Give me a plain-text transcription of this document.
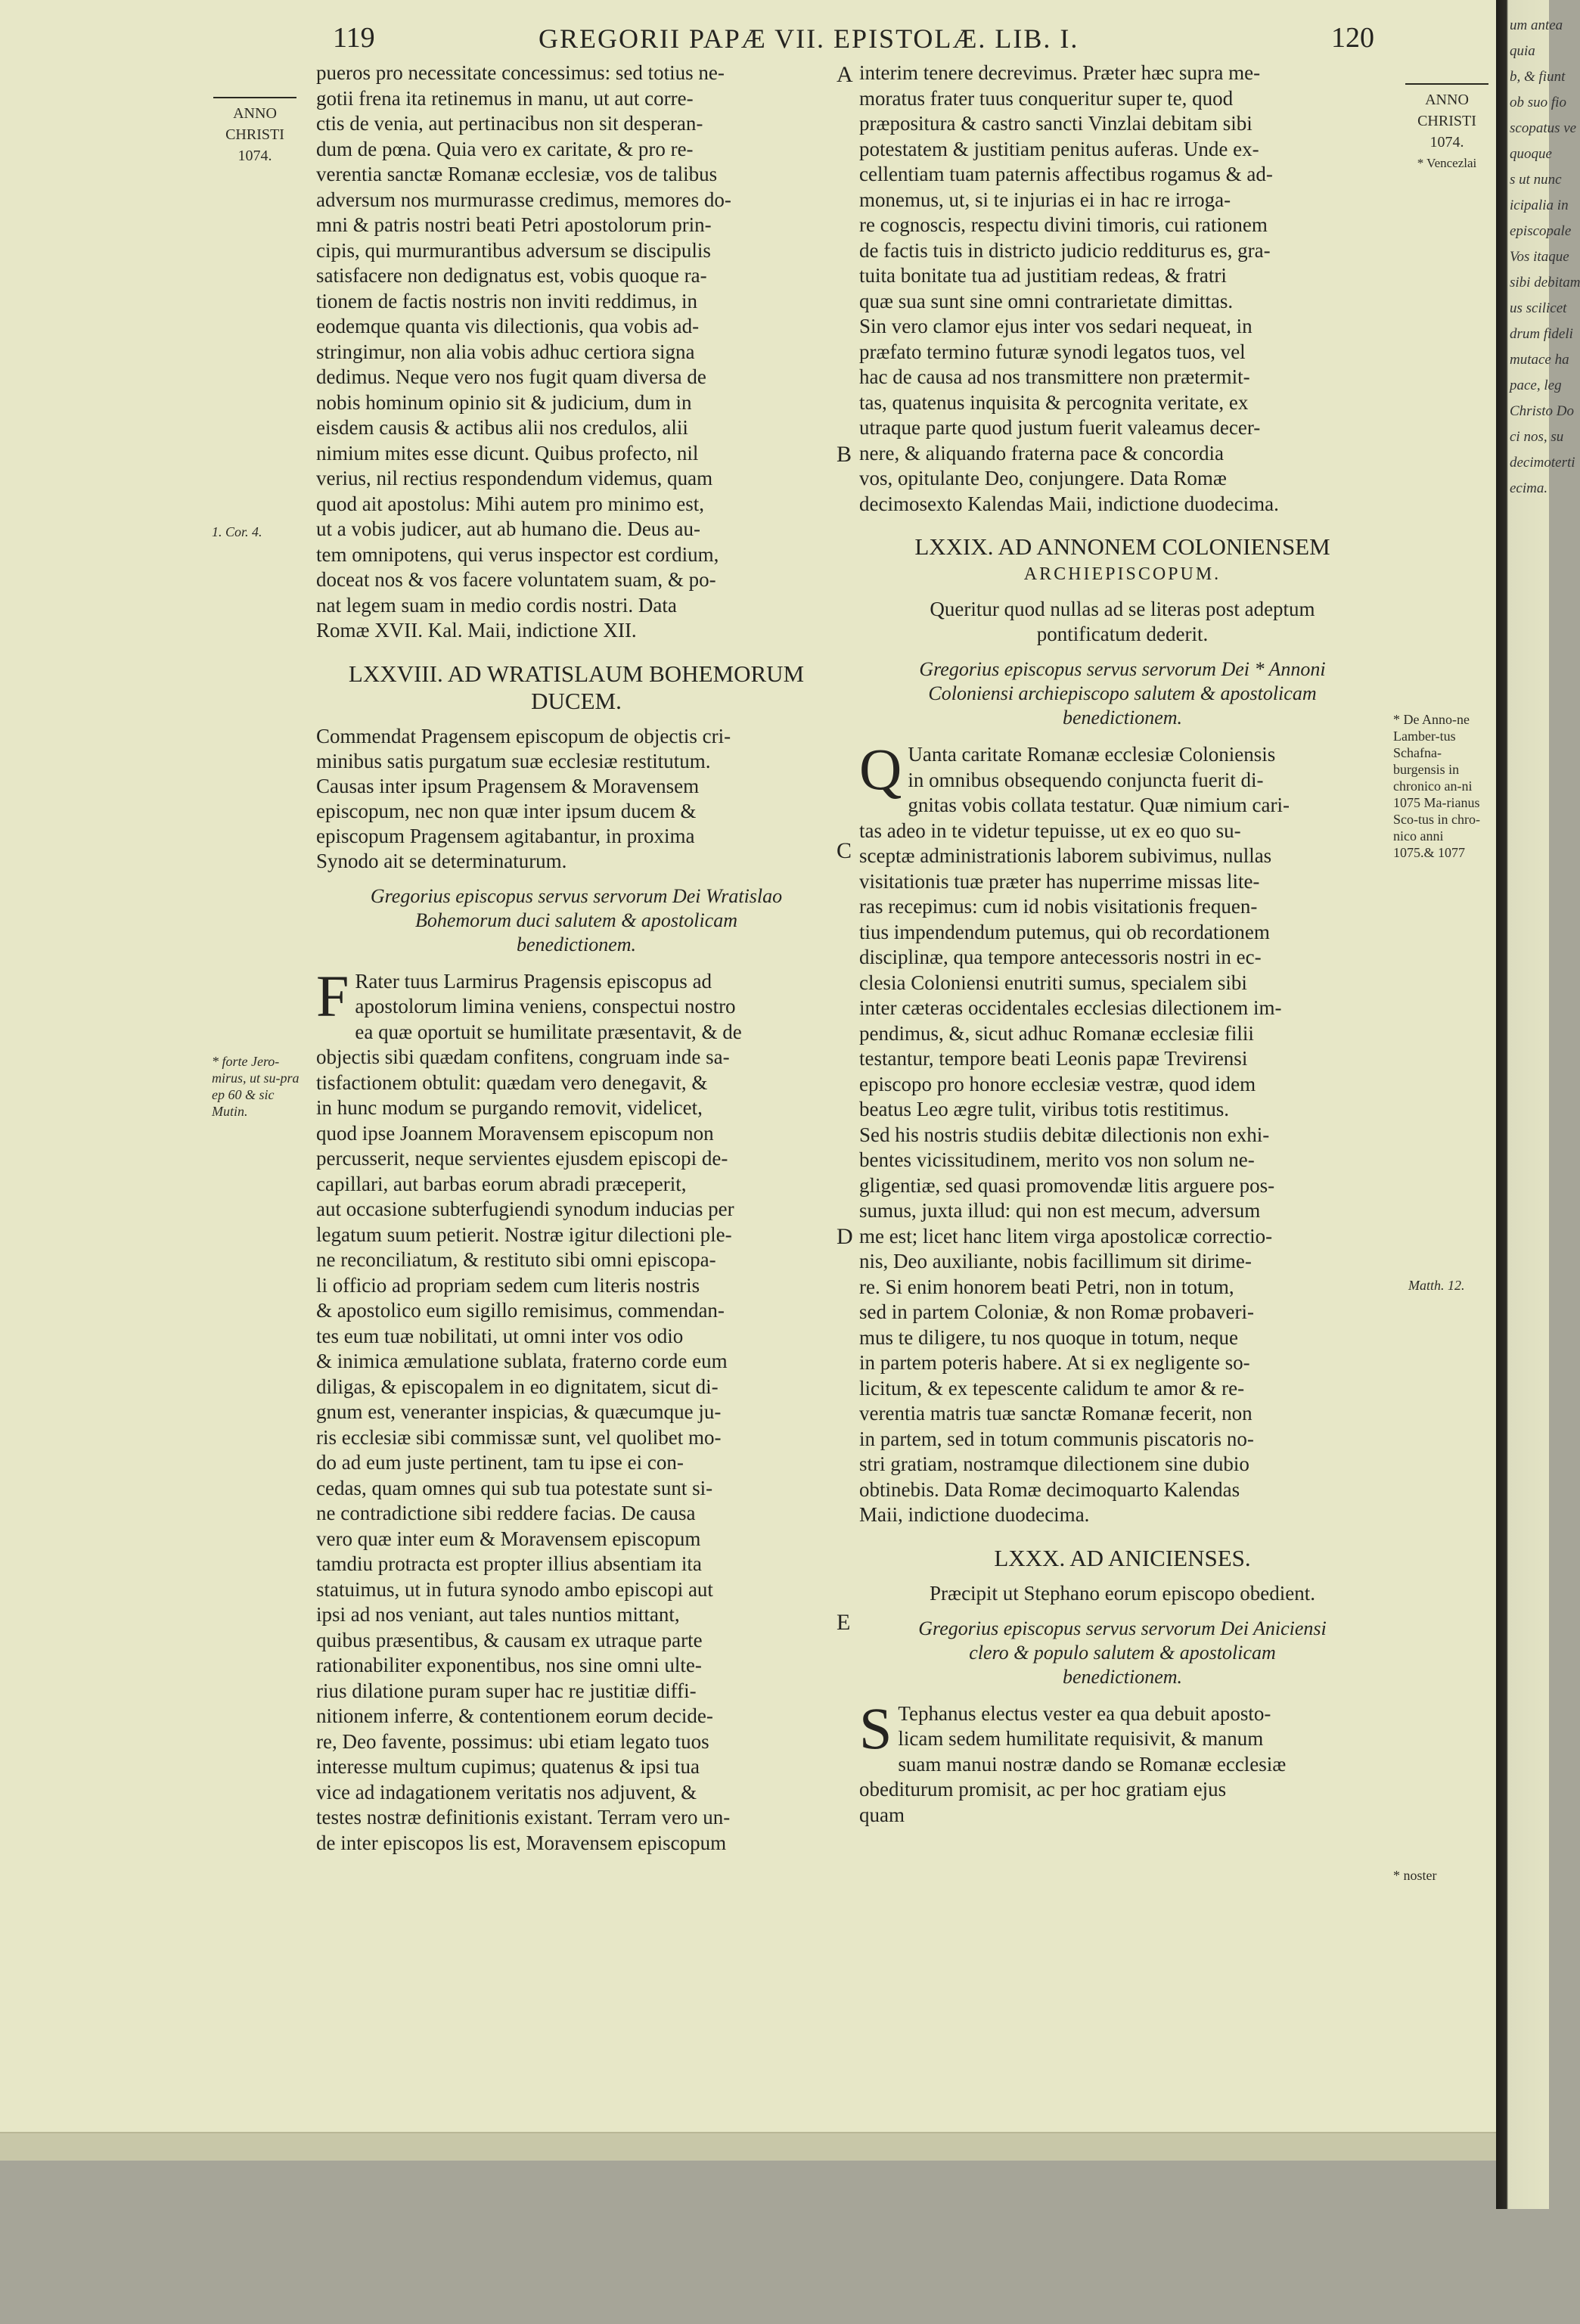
119	GREGORII PAPÆ VII. EPISTOLÆ. LIB. I.	120
ANNO
CHRISTI
1074.
1. Cor. 4.
* forte Jero-mirus, ut su-pra ep 60 & sic Mutin.
ANNO
CHRISTI
1074.
* Vencezlai
* De Anno-ne Lamber-tus Schafna-burgensis in chronico an-ni 1075 Ma-rianus Sco-tus in chro-nico anni 1075.& 1077
Matth. 12.
* noster
A
B
C
D
E
pueros pro necessitate concessimus: sed totius ne-
gotii frena ita retinemus in manu, ut aut corre-
ctis de venia, aut pertinacibus non sit desperan-
dum de pœna. Quia vero ex caritate, & pro re-
verentia sanctæ Romanæ ecclesiæ, vos de talibus
adversum nos murmurasse credimus, memores do-
mni & patris nostri beati Petri apostolorum prin-
cipis, qui murmurantibus adversum se discipulis
satisfacere non dedignatus est, vobis quoque ra-
tionem de factis nostris non inviti reddimus, in
eodemque quanta vis dilectionis, qua vobis ad-
stringimur, non alia vobis adhuc certiora signa
dedimus. Neque vero nos fugit quam diversa de
nobis hominum opinio sit & judicium, dum in
eisdem causis & actibus alii nos credulos, alii
nimium mites esse dicunt. Quibus profecto, nil
verius, nil rectius respondendum videmus, quam
quod ait apostolus: Mihi autem pro minimo est,
ut a vobis judicer, aut ab humano die. Deus au-
tem omnipotens, qui verus inspector est cordium,
doceat nos & vos facere voluntatem suam, & po-
nat legem suam in medio cordis nostri. Data
Romæ XVII. Kal. Maii, indictione XII.
LXXVIII. AD WRATISLAUM BOHEMORUM DUCEM.
Commendat Pragensem episcopum de objectis cri-
minibus satis purgatum suæ ecclesiæ restitutum.
Causas inter ipsum Pragensem & Moravensem
episcopum, nec non quæ inter ipsum ducem &
episcopum Pragensem agitabantur, in proxima
Synodo ait se determinaturum.
Gregorius episcopus servus servorum Dei Wratislao
Bohemorum duci salutem & apostolicam
benedictionem.
F Rater tuus Larmirus Pragensis episcopus ad
apostolorum limina veniens, conspectui nostro
ea quæ oportuit se humilitate præsentavit, & de
objectis sibi quædam confitens, congruam inde sa-
tisfactionem obtulit: quædam vero denegavit, &
in hunc modum se purgando removit, videlicet,
quod ipse Joannem Moravensem episcopum non
percusserit, neque servientes ejusdem episcopi de-
capillari, aut barbas eorum abradi præceperit,
aut occasione subterfugiendi synodum inducias per
legatum suum petierit. Nostræ igitur dilectioni ple-
ne reconciliatum, & restituto sibi omni episcopa-
li officio ad propriam sedem cum literis nostris
& apostolico eum sigillo remisimus, commendan-
tes eum tuæ nobilitati, ut omni inter vos odio
& inimica æmulatione sublata, fraterno corde eum
diligas, & episcopalem in eo dignitatem, sicut di-
gnum est, veneranter inspicias, & quæcumque ju-
ris ecclesiæ sibi commissæ sunt, vel quolibet mo-
do ad eum juste pertinent, tam tu ipse ei con-
cedas, quam omnes qui sub tua potestate sunt si-
ne contradictione sibi reddere facias. De causa
vero quæ inter eum & Moravensem episcopum
tamdiu protracta est propter illius absentiam ita
statuimus, ut in futura synodo ambo episcopi aut
ipsi ad nos veniant, aut tales nuntios mittant,
quibus præsentibus, & causam ex utraque parte
rationabiliter exponentibus, nos sine omni ulte-
rius dilatione puram super hac re justitiæ diffi-
nitionem inferre, & contentionem eorum decide-
re, Deo favente, possimus: ubi etiam legato tuos
interesse multum cupimus; quatenus & ipsi tua
vice ad indagationem veritatis nos adjuvent, &
testes nostræ definitionis existant. Terram vero un-
de inter episcopos lis est, Moravensem episcopum
interim tenere decrevimus. Præter hæc supra me-
moratus frater tuus conqueritur super te, quod
præpositura & castro sancti Vinzlai debitam sibi
potestatem & justitiam penitus auferas. Unde ex-
cellentiam tuam paternis affectibus rogamus & ad-
monemus, ut, si te injurias ei in hac re irroga-
re cognoscis, respectu divini timoris, cui rationem
de factis tuis in districto judicio redditurus es, gra-
tuita bonitate tua ad justitiam redeas, & fratri
quæ sua sunt sine omni contrarietate dimittas.
Sin vero clamor ejus inter vos sedari nequeat, in
præfato termino futuræ synodi legatos tuos, vel
hac de causa ad nos transmittere non prætermit-
tas, quatenus inquisita & percognita veritate, ex
utraque parte quod justum fuerit valeamus decer-
nere, & aliquando fraterna pace & concordia
vos, opitulante Deo, conjungere. Data Romæ
decimosexto Kalendas Maii, indictione duodecima.
LXXIX. AD ANNONEM COLONIENSEM
ARCHIEPISCOPUM.
Queritur quod nullas ad se literas post adeptum
pontificatum dederit.
Gregorius episcopus servus servorum Dei * Annoni
Coloniensi archiepiscopo salutem & apostolicam
benedictionem.
Q Uanta caritate Romanæ ecclesiæ Coloniensis
in omnibus obsequendo conjuncta fuerit di-
gnitas vobis collata testatur. Quæ nimium cari-
tas adeo in te videtur tepuisse, ut ex eo quo su-
sceptæ administrationis laborem subivimus, nullas
visitationis tuæ præter has nuperrime missas lite-
ras recepimus: cum id nobis visitationis frequen-
tius impendendum putemus, qui ob recordationem
disciplinæ, qua tempore antecessoris nostri in ec-
clesia Coloniensi enutriti sumus, specialem sibi
inter cæteras occidentales ecclesias dilectionem im-
pendimus, &, sicut adhuc Romanæ ecclesiæ filii
testantur, tempore beati Leonis papæ Trevirensi
episcopo pro honore ecclesiæ vestræ, quod idem
beatus Leo ægre tulit, viribus totis restitimus.
Sed his nostris studiis debitæ dilectionis non exhi-
bentes vicissitudinem, merito vos non solum ne-
gligentiæ, sed quasi promovendæ litis arguere pos-
sumus, juxta illud: qui non est mecum, adversum
me est; licet hanc litem virga apostolicæ correctio-
nis, Deo auxiliante, nobis facillimum sit dirime-
re. Si enim honorem beati Petri, non in totum,
sed in partem Coloniæ, & non Romæ probaveri-
mus te diligere, tu nos quoque in totum, neque
in partem poteris habere. At si ex negligente so-
licitum, & ex tepescente calidum te amor & re-
verentia matris tuæ sanctæ Romanæ fecerit, non
in partem, sed in totum communis piscatoris no-
stri gratiam, nostramque dilectionem sine dubio
obtinebis. Data Romæ decimoquarto Kalendas
Maii, indictione duodecima.
LXXX. AD ANICIENSES.
Præcipit ut Stephano eorum episcopo obedient.
Gregorius episcopus servus servorum Dei Aniciensi
clero & populo salutem & apostolicam
benedictionem.
S Tephanus electus vester ea qua debuit aposto-
licam sedem humilitate requisivit, & manum
suam manui nostræ dando se Romanæ ecclesiæ
obediturum promisit, ac per hoc gratiam ejus
quam
um antea
quia
b, & fiunt
ob suo fio
scopatus ve
quoque
s ut nunc
icipalia in
episcopale
Vos itaque
sibi debitam
us scilicet
drum fideli
mutace ha
pace, leg
Christo Do
ci nos, su
decimoterti
ecima.
